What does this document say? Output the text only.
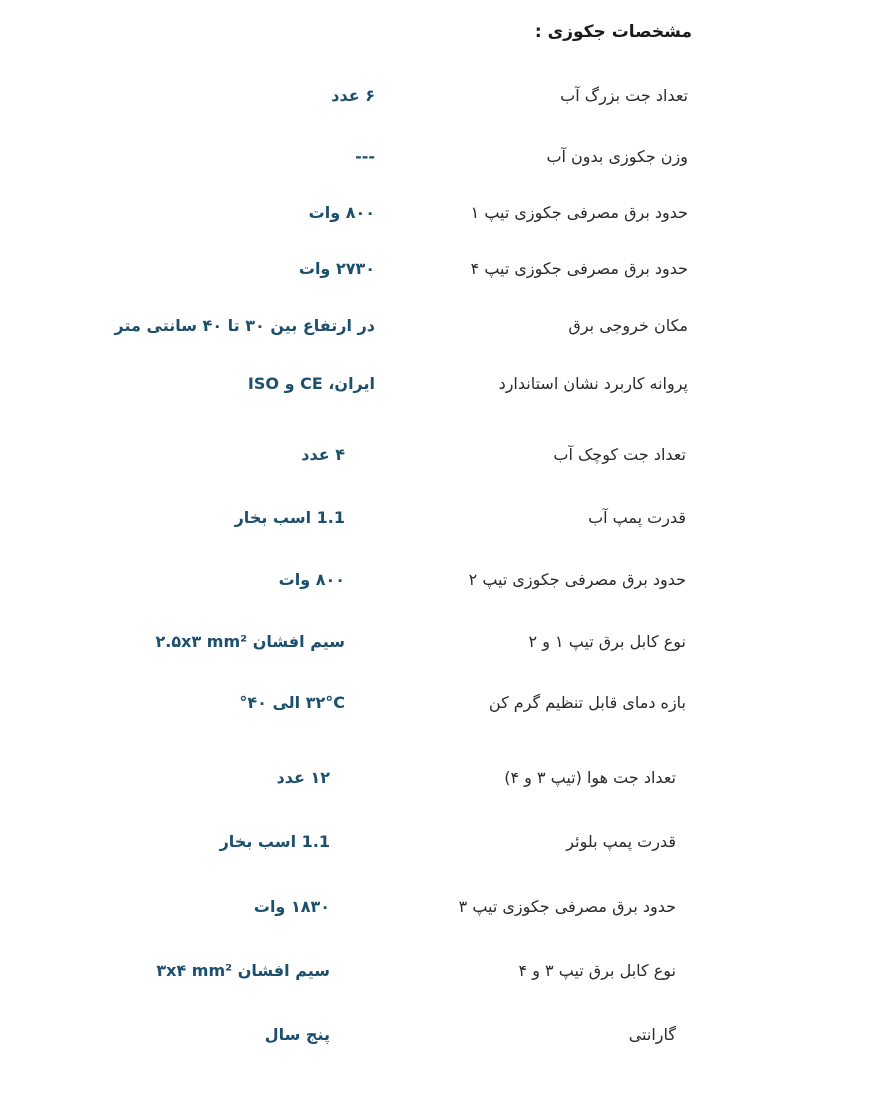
مشخصات جکوزی :
تعداد جت بزرگ آب
۶ عدد
وزن جکوزی بدون آب
---
حدود برق مصرفی جکوزی تیپ ۱
۸۰۰ وات
حدود برق مصرفی جکوزی تیپ ۴
۲۷۳۰ وات
مکان خروجی برق
در ارتفاع بین ۳۰ تا ۴۰ سانتی متر
پروانه کاربرد نشان استاندارد
ایران، CE و ISO
تعداد جت کوچک آب
۴ عدد
قدرت پمپ آب
1.1 اسب بخار
حدود برق مصرفی جکوزی تیپ ۲
۸۰۰ وات
نوع کابل برق تیپ ۱ و ۲
سیم افشان ۲.۵x۳ mm²
بازه دمای قابل تنظیم گرم کن
۳۲°C الی ۴۰°
تعداد جت هوا (تیپ ۳ و ۴)
۱۲ عدد
قدرت پمپ بلوئر
1.1 اسب بخار
حدود برق مصرفی جکوزی تیپ ۳
۱۸۳۰ وات
نوع کابل برق تیپ ۳ و ۴
سیم افشان ۳x۴ mm²
گارانتی
پنج سال
